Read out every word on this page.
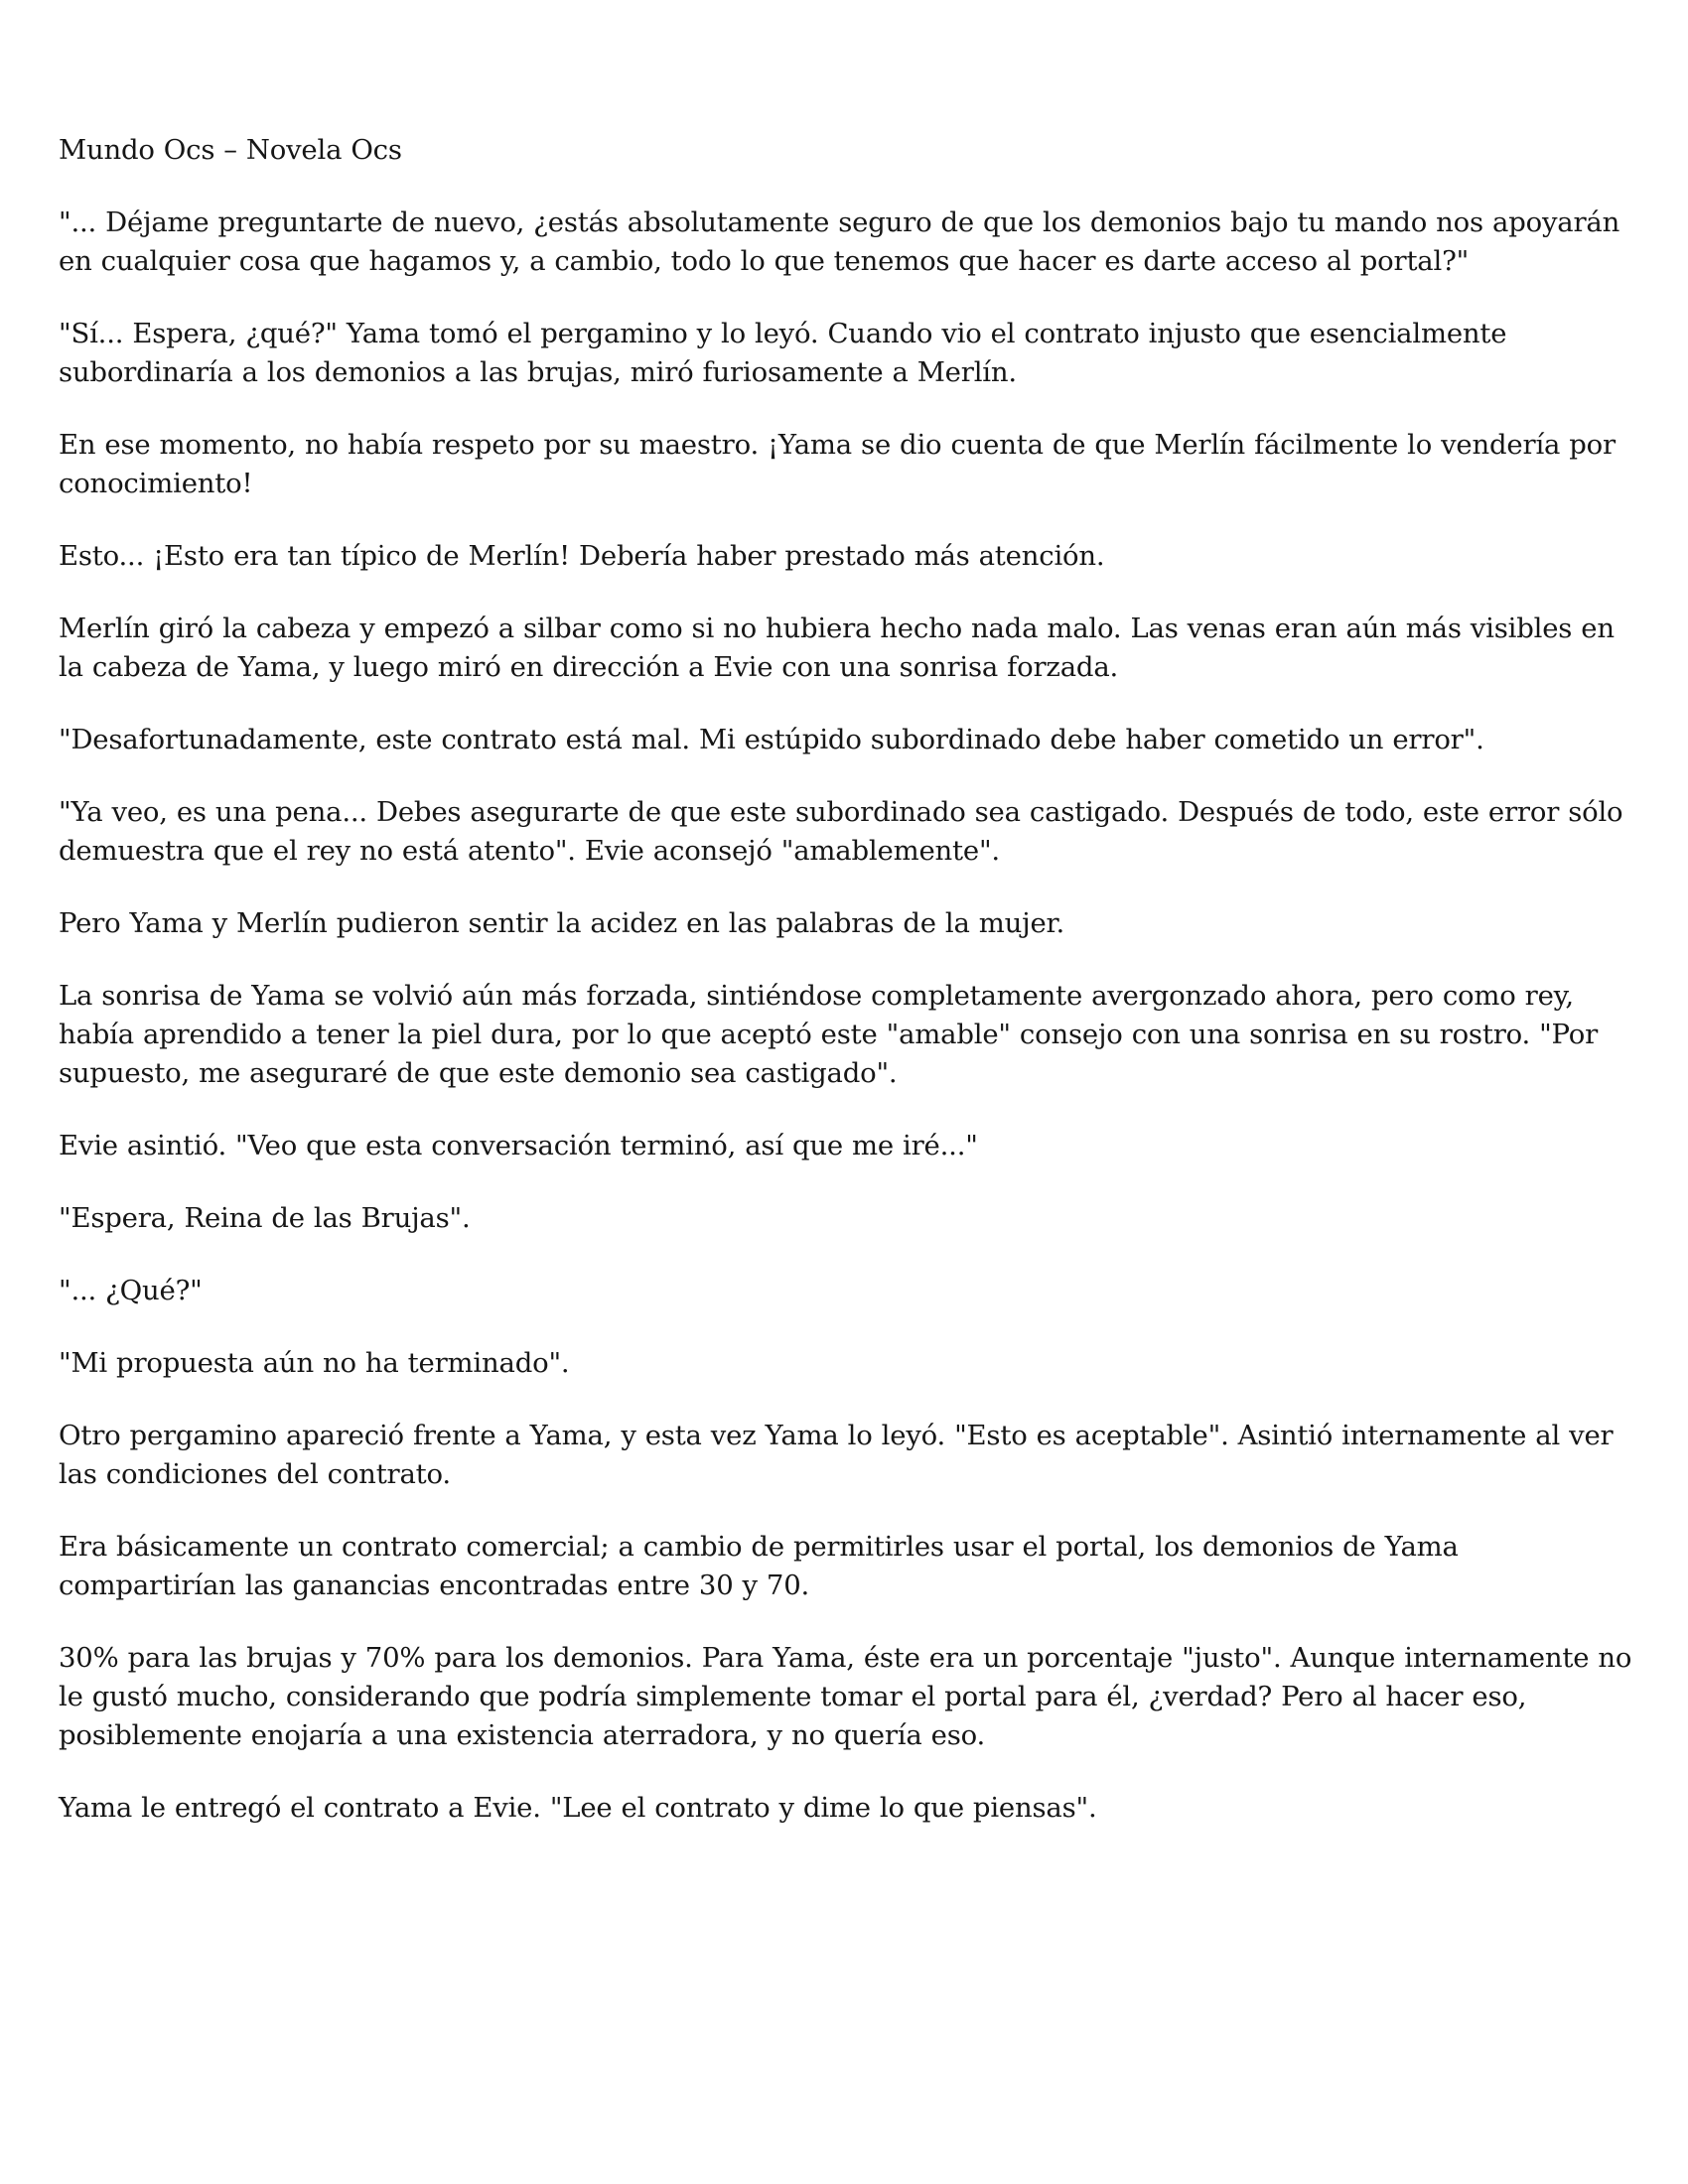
Mundo Ocs – Novela Ocs

"... Déjame preguntarte de nuevo, ¿estás absolutamente seguro de que los demonios bajo tu mando nos apoyarán en cualquier cosa que hagamos y, a cambio, todo lo que tenemos que hacer es darte acceso al portal?"

"Sí... Espera, ¿qué?" Yama tomó el pergamino y lo leyó. Cuando vio el contrato injusto que esencialmente subordinaría a los demonios a las brujas, miró furiosamente a Merlín.

En ese momento, no había respeto por su maestro. ¡Yama se dio cuenta de que Merlín fácilmente lo vendería por conocimiento!

Esto... ¡Esto era tan típico de Merlín! Debería haber prestado más atención.

Merlín giró la cabeza y empezó a silbar como si no hubiera hecho nada malo. Las venas eran aún más visibles en la cabeza de Yama, y luego miró en dirección a Evie con una sonrisa forzada.

"Desafortunadamente, este contrato está mal. Mi estúpido subordinado debe haber cometido un error".

"Ya veo, es una pena... Debes asegurarte de que este subordinado sea castigado. Después de todo, este error sólo demuestra que el rey no está atento". Evie aconsejó "amablemente".

Pero Yama y Merlín pudieron sentir la acidez en las palabras de la mujer.

La sonrisa de Yama se volvió aún más forzada, sintiéndose completamente avergonzado ahora, pero como rey, había aprendido a tener la piel dura, por lo que aceptó este "amable" consejo con una sonrisa en su rostro. "Por supuesto, me aseguraré de que este demonio sea castigado".

Evie asintió. "Veo que esta conversación terminó, así que me iré..."

"Espera, Reina de las Brujas".

"... ¿Qué?"

"Mi propuesta aún no ha terminado".

Otro pergamino apareció frente a Yama, y esta vez Yama lo leyó. "Esto es aceptable". Asintió internamente al ver las condiciones del contrato.

Era básicamente un contrato comercial; a cambio de permitirles usar el portal, los demonios de Yama compartirían las ganancias encontradas entre 30 y 70.

30% para las brujas y 70% para los demonios. Para Yama, éste era un porcentaje "justo". Aunque internamente no le gustó mucho, considerando que podría simplemente tomar el portal para él, ¿verdad? Pero al hacer eso, posiblemente enojaría a una existencia aterradora, y no quería eso.

Yama le entregó el contrato a Evie. "Lee el contrato y dime lo que piensas".
